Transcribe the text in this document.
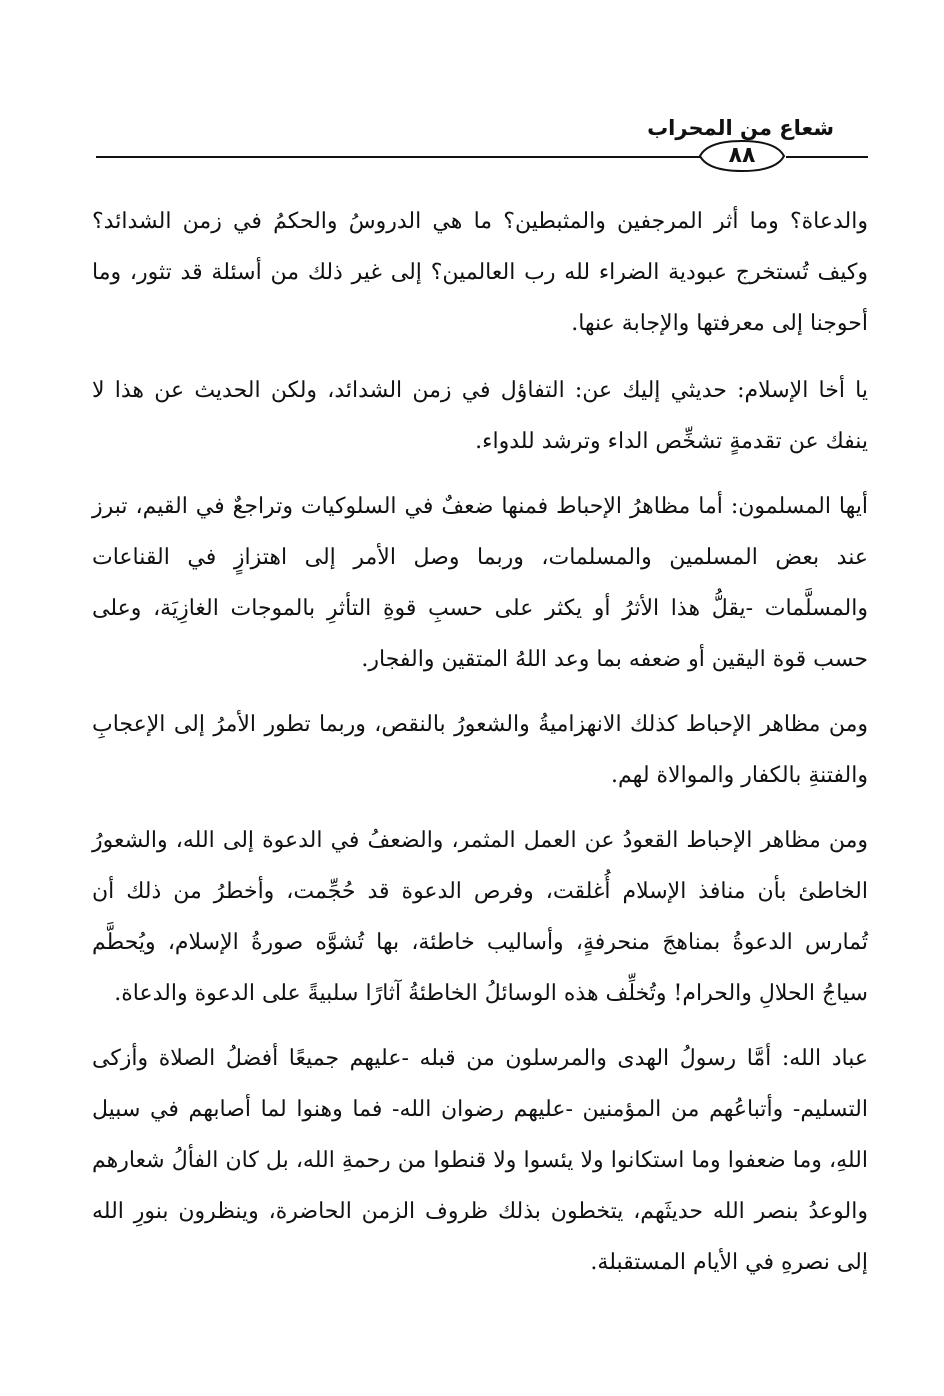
شعاع من المحراب
٨٨

والدعاة؟ وما أثر المرجفين والمثبطين؟ ما هي الدروسُ والحكمُ في زمن الشدائد؟ وكيف تُستخرج عبودية الضراء لله رب العالمين؟ إلى غير ذلك من أسئلة قد تثور، وما أحوجنا إلى معرفتها والإجابة عنها.

يا أخا الإسلام: حديثي إليك عن: التفاؤل في زمن الشدائد، ولكن الحديث عن هذا لا ينفك عن تقدمةٍ تشخِّص الداء وترشد للدواء.

أيها المسلمون: أما مظاهرُ الإحباط فمنها ضعفٌ في السلوكيات وتراجعٌ في القيم، تبرز عند بعض المسلمين والمسلمات، وربما وصل الأمر إلى اهتزازٍ في القناعات والمسلَّمات -يقلُّ هذا الأثرُ أو يكثر على حسبِ قوةِ التأثرِ بالموجات الغازِيَة، وعلى حسب قوة اليقين أو ضعفه بما وعد اللهُ المتقين والفجار.

ومن مظاهر الإحباط كذلك الانهزاميةُ والشعورُ بالنقص، وربما تطور الأمرُ إلى الإعجابِ والفتنةِ بالكفار والموالاة لهم.

ومن مظاهر الإحباط القعودُ عن العمل المثمر، والضعفُ في الدعوة إلى الله، والشعورُ الخاطئ بأن منافذ الإسلام أُغلقت، وفرص الدعوة قد حُجِّمت، وأخطرُ من ذلك أن تُمارس الدعوةُ بمناهجَ منحرفةٍ، وأساليب خاطئة، بها تُشوَّه صورةُ الإسلام، ويُحطَّم سياجُ الحلالِ والحرام! وتُخلِّف هذه الوسائلُ الخاطئةُ آثارًا سلبيةً على الدعوة والدعاة.

عباد الله: أمَّا رسولُ الهدى والمرسلون من قبله -عليهم جميعًا أفضلُ الصلاة وأزكى التسليم- وأتباعُهم من المؤمنين -عليهم رضوان الله- فما وهنوا لما أصابهم في سبيل اللهِ، وما ضعفوا وما استكانوا ولا يئسوا ولا قنطوا من رحمةِ الله، بل كان الفألُ شعارهم والوعدُ بنصر الله حديثَهم، يتخطون بذلك ظروف الزمن الحاضرة، وينظرون بنورِ الله إلى نصرهِ في الأيام المستقبلة.
